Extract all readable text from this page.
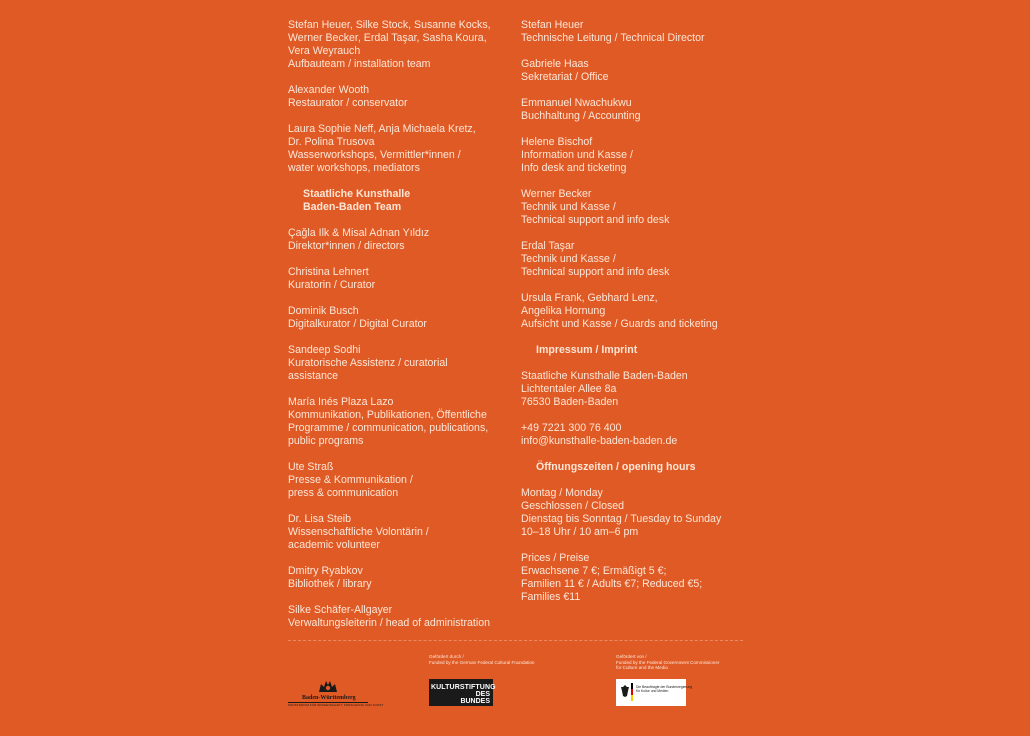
Stefan Heuer, Silke Stock, Susanne Kocks,

Werner Becker, Erdal Taşar, Sasha Koura,

Vera Weyrauch

Aufbauteam / installation team

Alexander Wooth

Restaurator / conservator

Laura Sophie Neff, Anja Michaela Kretz,

Dr. Polina Trusova

Wasserworkshops, Vermittler*innen /

water workshops, mediators

Staatliche Kunsthalle

Baden-Baden Team

Çağla Ilk & Misal Adnan Yıldız

Direktor*innen / directors

Christina Lehnert

Kuratorin / Curator

Dominik Busch

Digitalkurator / Digital Curator

Sandeep Sodhi

Kuratorische Assistenz / curatorial

assistance

María Inés Plaza Lazo

Kommunikation, Publikationen, Öffentliche

Programme / communication, publications,

public programs

Ute Straß

Presse & Kommunikation /

press & communication

Dr. Lisa Steib

Wissenschaftliche Volontärin /

academic volunteer

Dmitry Ryabkov

Bibliothek / library

Silke Schäfer-Allgayer

Verwaltungsleiterin / head of administration

Stefan Heuer

Technische Leitung / Technical Director

Gabriele Haas

Sekretariat / Office

Emmanuel Nwachukwu

Buchhaltung / Accounting

Helene Bischof

Information und Kasse /

Info desk and ticketing

Werner Becker

Technik und Kasse /

Technical support and info desk

Erdal Taşar

Technik und Kasse /

Technical support and info desk

Ursula Frank, Gebhard Lenz,

Angelika Hornung

Aufsicht und Kasse / Guards and ticketing

Impressum / Imprint

Staatliche Kunsthalle Baden-Baden

Lichtentaler Allee 8a

76530 Baden-Baden

+49 7221 300 76 400

info@kunsthalle-baden-baden.de

Öffnungszeiten / opening hours

Montag / Monday

Geschlossen / Closed

Dienstag bis Sonntag / Tuesday to Sunday

10–18 Uhr / 10 am–6 pm

Prices / Preise

Erwachsene 7 €; Ermäßigt 5 €;

Familien 11 € / Adults €7; Reduced €5;

Families €11

Gefördert durch /
Funded by the German Federal Cultural Foundation
Gefördert von /
Funded by the Federal Government Commissioner
for Culture and the Media
Baden-Württemberg
MINISTERIUM FÜR WISSENSCHAFT, FORSCHUNG UND KUNST
KULTURSTIFTUNG
DES
BUNDES
Die Beauftragte der Bundesregierung
für Kultur und Medien
